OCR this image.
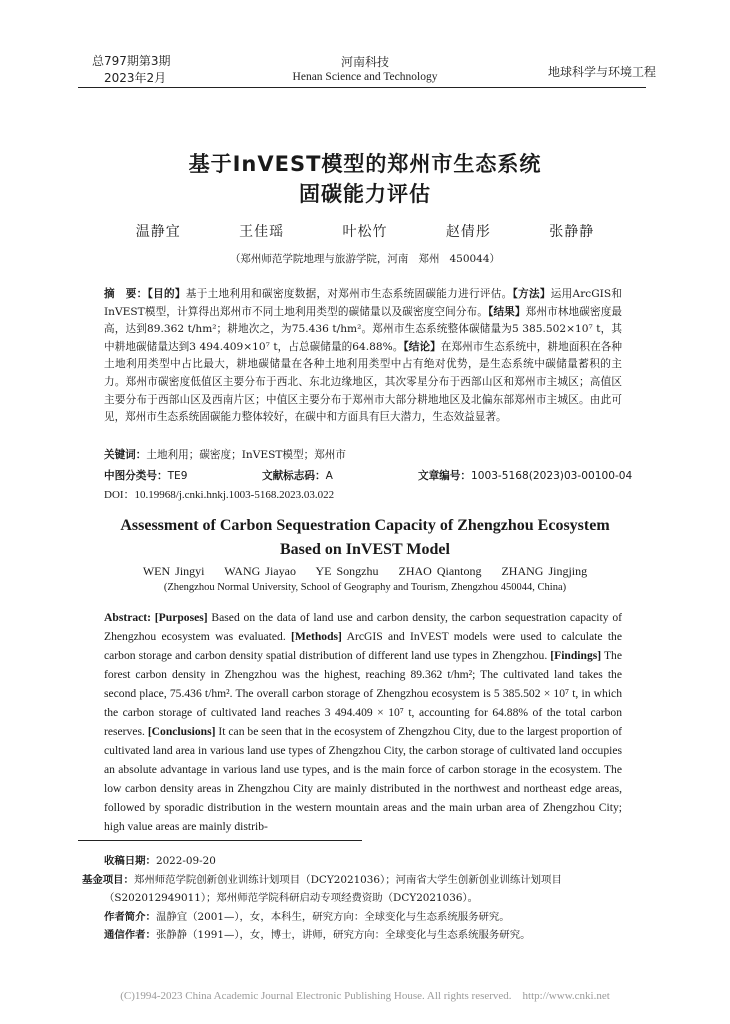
总797期第3期
2023年2月
河南科技
Henan Science and Technology	地球科学与环境工程
基于InVEST模型的郑州市生态系统
固碳能力评估
温静宜   王佳瑶   叶松竹   赵倩彤   张静静
（郑州师范学院地理与旅游学院，河南   郑州   450044）
摘　要：【目的】基于土地利用和碳密度数据，对郑州市生态系统固碳能力进行评估。【方法】运用ArcGIS和InVEST模型，计算得出郑州市不同土地利用类型的碳储量以及碳密度空间分布。【结果】郑州市林地碳密度最高，达到89.362 t/hm²；耕地次之，为75.436 t/hm²。郑州市生态系统整体碳储量为5 385.502×10⁷ t，其中耕地碳储量达到3 494.409×10⁷ t，占总碳储量的64.88%。【结论】在郑州市生态系统中，耕地面积在各种土地利用类型中占比最大，耕地碳储量在各种土地利用类型中占有绝对优势，是生态系统中碳储量蓄积的主力。郑州市碳密度低值区主要分布于西北、东北边缘地区，其次零星分布于西部山区和郑州市主城区；高值区主要分布于西部山区及西南片区；中值区主要分布于郑州市大部分耕地地区及北偏东部郑州市主城区。由此可见，郑州市生态系统固碳能力整体较好，在碳中和方面具有巨大潜力，生态效益显著。
关键词：土地利用；碳密度；InVEST模型；郑州市
中图分类号：TE9	文献标志码：A	文章编号：1003-5168(2023)03-00100-04
DOI：10.19968/j.cnki.hnkj.1003-5168.2023.03.022
Assessment of Carbon Sequestration Capacity of Zhengzhou Ecosystem
Based on InVEST Model
WEN Jingyi    WANG Jiayao    YE Songzhu    ZHAO Qiantong    ZHANG Jingjing
(Zhengzhou Normal University, School of Geography and Tourism, Zhengzhou 450044, China)
Abstract: [Purposes] Based on the data of land use and carbon density, the carbon sequestration capacity of Zhengzhou ecosystem was evaluated. [Methods] ArcGIS and InVEST models were used to calculate the carbon storage and carbon density spatial distribution of different land use types in Zhengzhou. [Findings] The forest carbon density in Zhengzhou was the highest, reaching 89.362 t/hm²; The cultivated land takes the second place, 75.436 t/hm². The overall carbon storage of Zhengzhou ecosystem is 5 385.502 × 10⁷ t, in which the carbon storage of cultivated land reaches 3 494.409 × 10⁷ t, accounting for 64.88% of the total carbon reserves. [Conclusions] It can be seen that in the ecosystem of Zhengzhou City, due to the largest proportion of cultivated land area in various land use types of Zhengzhou City, the carbon storage of cultivated land occupies an absolute advantage in various land use types, and is the main force of carbon storage in the ecosystem. The low carbon density areas in Zhengzhou City are mainly distributed in the northwest and northeast edge areas, followed by sporadic distribution in the western mountain areas and the main urban area of Zhengzhou City; high value areas are mainly distrib-
收稿日期：2022-09-20
基金项目：郑州师范学院创新创业训练计划项目（DCY2021036）；河南省大学生创新创业训练计划项目（S202012949011）；郑州师范学院科研启动专项经费资助（DCY2021036）。
作者简介：温静宜（2001—），女，本科生，研究方向：全球变化与生态系统服务研究。
通信作者：张静静（1991—），女，博士，讲师，研究方向：全球变化与生态系统服务研究。
(C)1994-2023 China Academic Journal Electronic Publishing House. All rights reserved.    http://www.cnki.net
